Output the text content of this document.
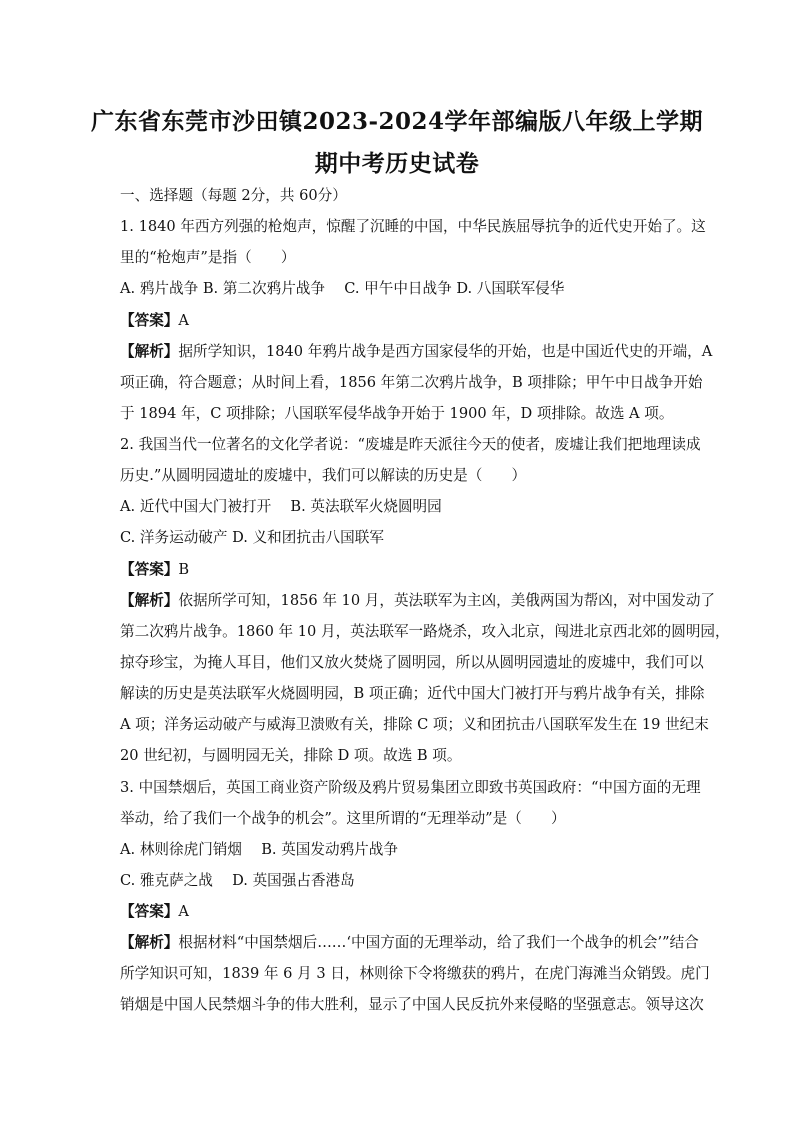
广东省东莞市沙田镇2023-2024学年部编版八年级上学期
期中考历史试卷
一、选择题（每题 2分，共 60分）
1. 1840 年西方列强的枪炮声，惊醒了沉睡的中国，中华民族屈辱抗争的近代史开始了。这
里的“枪炮声”是指（　　）
A. 鸦片战争 B. 第二次鸦片战争　 C. 甲午中日战争 D. 八国联军侵华
【答案】A
【解析】据所学知识，1840 年鸦片战争是西方国家侵华的开始，也是中国近代史的开端，A
项正确，符合题意；从时间上看，1856 年第二次鸦片战争，B 项排除；甲午中日战争开始
于 1894 年，C 项排除；八国联军侵华战争开始于 1900 年，D 项排除。故选 A 项。
2. 我国当代一位著名的文化学者说：“废墟是昨天派往今天的使者，废墟让我们把地理读成
历史.”从圆明园遗址的废墟中，我们可以解读的历史是（　　）
A. 近代中国大门被打开　 B. 英法联军火烧圆明园
C. 洋务运动破产 D. 义和团抗击八国联军
【答案】B
【解析】依据所学可知，1856 年 10 月，英法联军为主凶，美俄两国为帮凶，对中国发动了
第二次鸦片战争。1860 年 10 月，英法联军一路烧杀，攻入北京，闯进北京西北郊的圆明园，
掠夺珍宝，为掩人耳目，他们又放火焚烧了圆明园，所以从圆明园遗址的废墟中，我们可以
解读的历史是英法联军火烧圆明园，B 项正确；近代中国大门被打开与鸦片战争有关，排除
A 项；洋务运动破产与威海卫溃败有关，排除 C 项；义和团抗击八国联军发生在 19 世纪末
20 世纪初，与圆明园无关，排除 D 项。故选 B 项。
3. 中国禁烟后，英国工商业资产阶级及鸦片贸易集团立即致书英国政府：“中国方面的无理
举动，给了我们一个战争的机会”。这里所谓的“无理举动”是（　　）
A. 林则徐虎门销烟　 B. 英国发动鸦片战争
C. 雅克萨之战　 D. 英国强占香港岛
【答案】A
【解析】根据材料“中国禁烟后……‘中国方面的无理举动，给了我们一个战争的机会’”结合
所学知识可知，1839 年 6 月 3 日，林则徐下令将缴获的鸦片，在虎门海滩当众销毁。虎门
销烟是中国人民禁烟斗争的伟大胜利，显示了中国人民反抗外来侵略的坚强意志。领导这次
